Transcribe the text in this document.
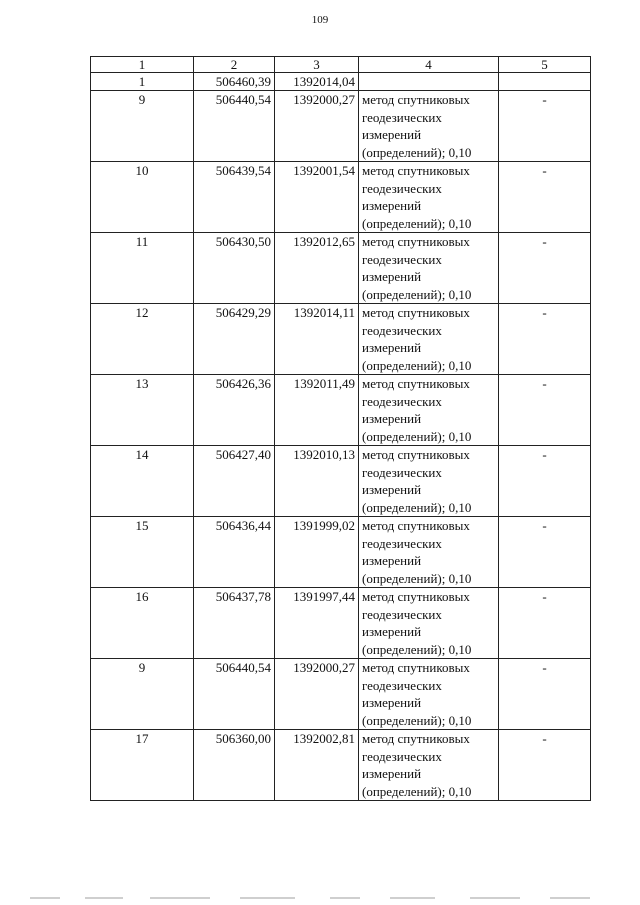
109
1	2	3	4	5
1	506460,39	1392014,04		
9	506440,54	1392000,27	метод спутниковых геодезических измерений (определений); 0,10	-
10	506439,54	1392001,54	метод спутниковых геодезических измерений (определений); 0,10	-
11	506430,50	1392012,65	метод спутниковых геодезических измерений (определений); 0,10	-
12	506429,29	1392014,11	метод спутниковых геодезических измерений (определений); 0,10	-
13	506426,36	1392011,49	метод спутниковых геодезических измерений (определений); 0,10	-
14	506427,40	1392010,13	метод спутниковых геодезических измерений (определений); 0,10	-
15	506436,44	1391999,02	метод спутниковых геодезических измерений (определений); 0,10	-
16	506437,78	1391997,44	метод спутниковых геодезических измерений (определений); 0,10	-
9	506440,54	1392000,27	метод спутниковых геодезических измерений (определений); 0,10	-
17	506360,00	1392002,81	метод спутниковых геодезических измерений (определений); 0,10	-
